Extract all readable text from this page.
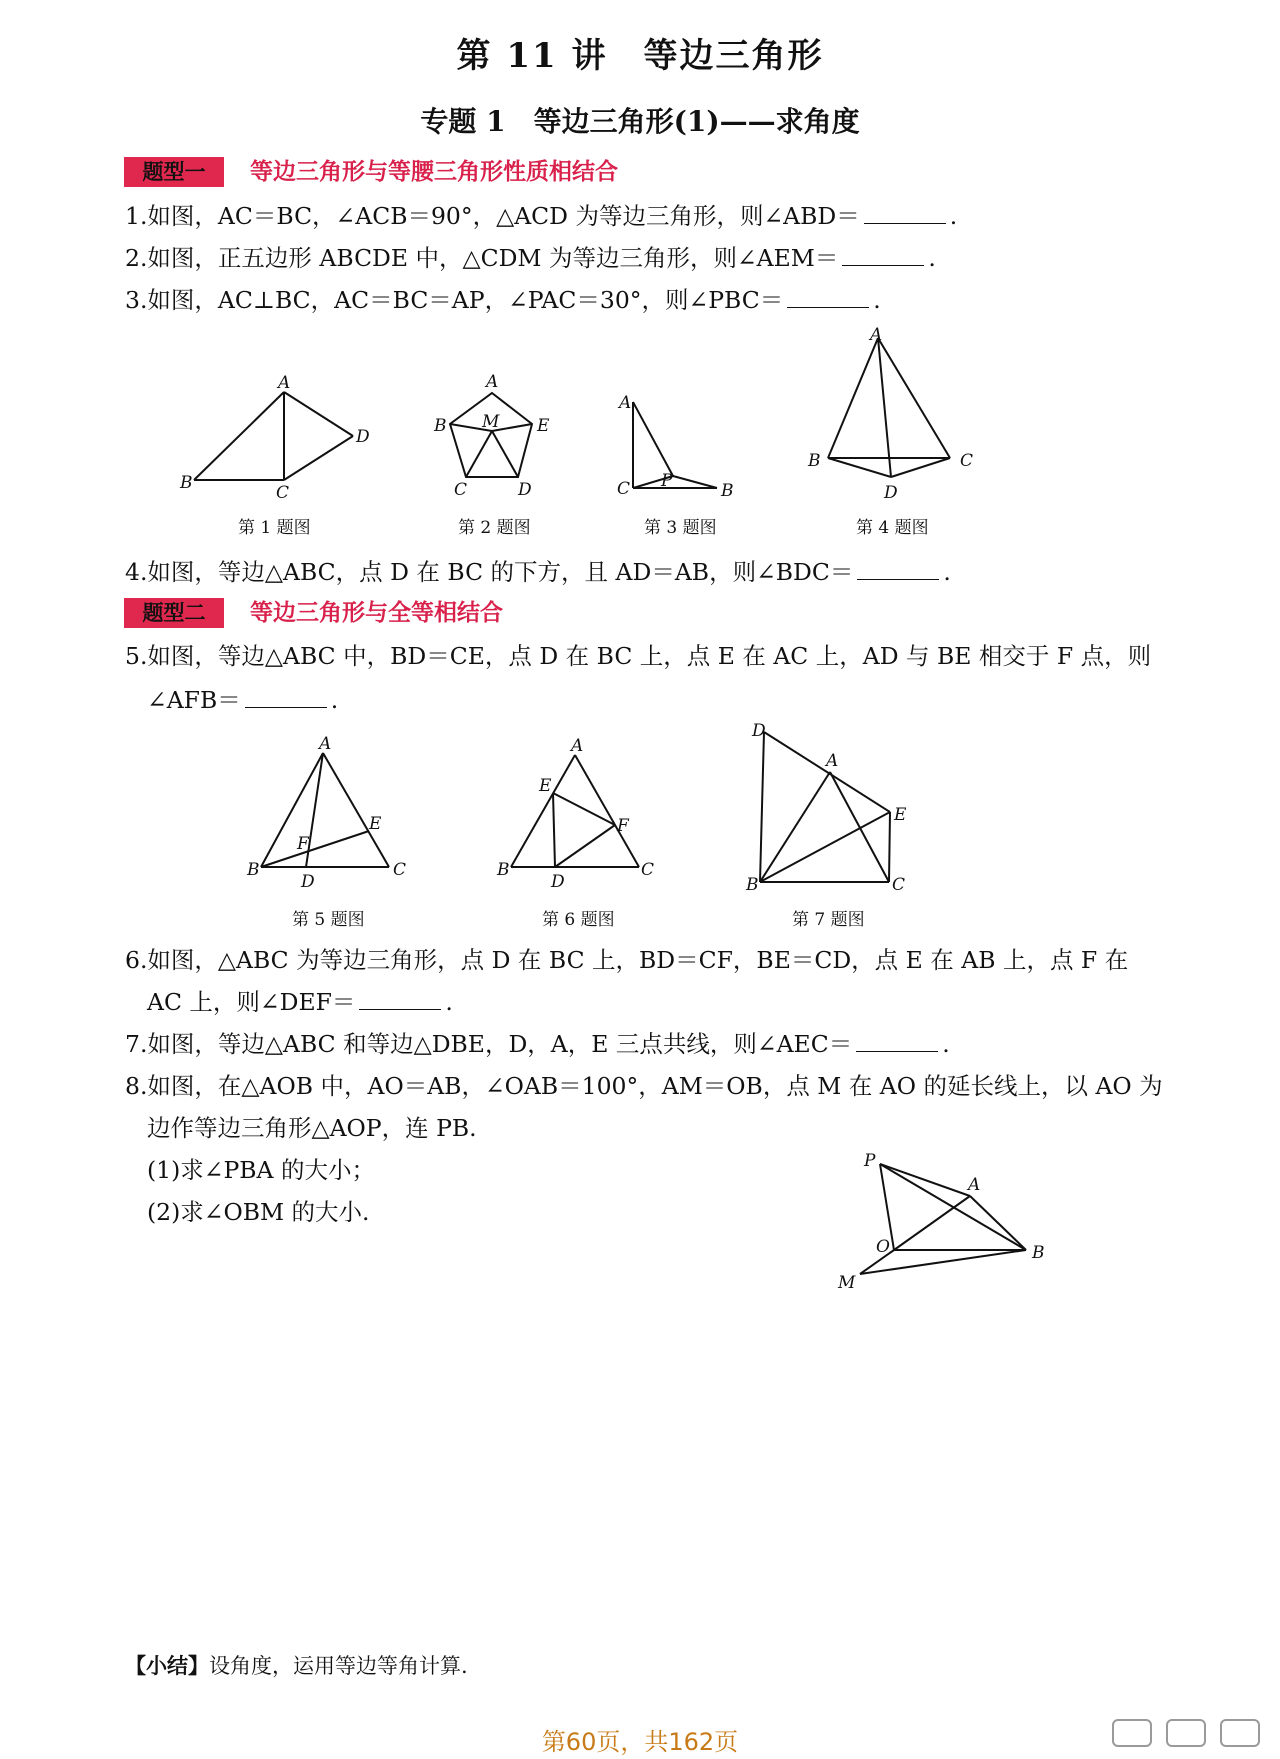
第 11 讲　等边三角形
专题 1　等边三角形(1)——求角度
题型一	等边三角形与等腰三角形性质相结合
1.如图，AC＝BC，∠ACB＝90°，△ACD 为等边三角形，则∠ABD＝	.
2.如图，正五边形 ABCDE 中，△CDM 为等边三角形，则∠AEM＝	.
3.如图，AC⊥BC，AC＝BC＝AP，∠PAC＝30°，则∠PBC＝	.
A
B	C
D
第 1 题图
A
B M E
C	D
第 2 题图
A
C P	B
第 3 题图
A
B	C
D
第 4 题图
4.如图，等边△ABC，点 D 在 BC 的下方，且 AD＝AB，则∠BDC＝	.
题型二	等边三角形与全等相结合
5.如图，等边△ABC 中，BD＝CE，点 D 在 BC 上，点 E 在 AC 上，AD 与 BE 相交于 F 点，则
∠AFB＝	.
A
E
F
B
D
C
第 5 题图
A
E
F
B
D
C
第 6 题图
D
A
E
B	C
第 7 题图
6.如图，△ABC 为等边三角形，点 D 在 BC 上，BD＝CF，BE＝CD，点 E 在 AB 上，点 F 在
AC 上，则∠DEF＝	.
7.如图，等边△ABC 和等边△DBE，D，A，E 三点共线，则∠AEC＝	.
8.如图，在△AOB 中，AO＝AB，∠OAB＝100°，AM＝OB，点 M 在 AO 的延长线上，以 AO 为
边作等边三角形△AOP，连 PB.
(1)求∠PBA 的大小；
(2)求∠OBM 的大小.
P
A
O	B
M
【小结】设角度，运用等边等角计算.
第60页，共162页
